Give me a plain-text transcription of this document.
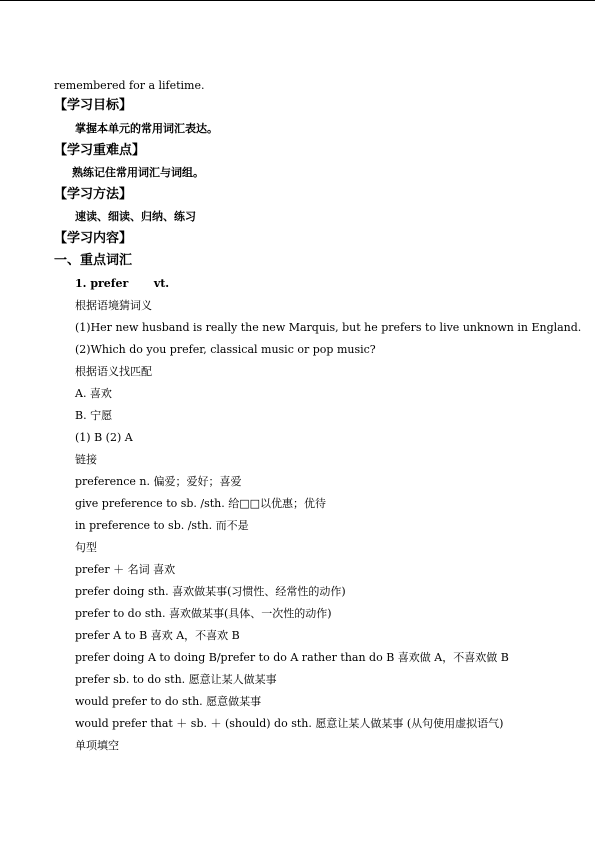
remembered for a lifetime.
【学习目标】
掌握本单元的常用词汇表达。
【学习重难点】
熟练记住常用词汇与词组。
【学习方法】
速读、细读、归纳、练习
【学习内容】
一、重点词汇
1. prefer vt.
根据语境猜词义
(1)Her new husband is really the new Marquis, but he prefers to live unknown in England.
(2)Which do you prefer, classical music or pop music?
根据语义找匹配
A. 喜欢
B. 宁愿
(1) B (2) A
链接
preference n. 偏爱；爱好；喜爱
give preference to sb. /sth. 给□□以优惠；优待
in preference to sb. /sth. 而不是
句型
prefer ＋ 名词 喜欢
prefer doing sth. 喜欢做某事(习惯性、经常性的动作)
prefer to do sth. 喜欢做某事(具体、一次性的动作)
prefer A to B 喜欢 A，不喜欢 B
prefer doing A to doing B/prefer to do A rather than do B 喜欢做 A，不喜欢做 B
prefer sb. to do sth. 愿意让某人做某事
would prefer to do sth. 愿意做某事
would prefer that ＋ sb. ＋ (should) do sth. 愿意让某人做某事 (从句使用虚拟语气)
单项填空
